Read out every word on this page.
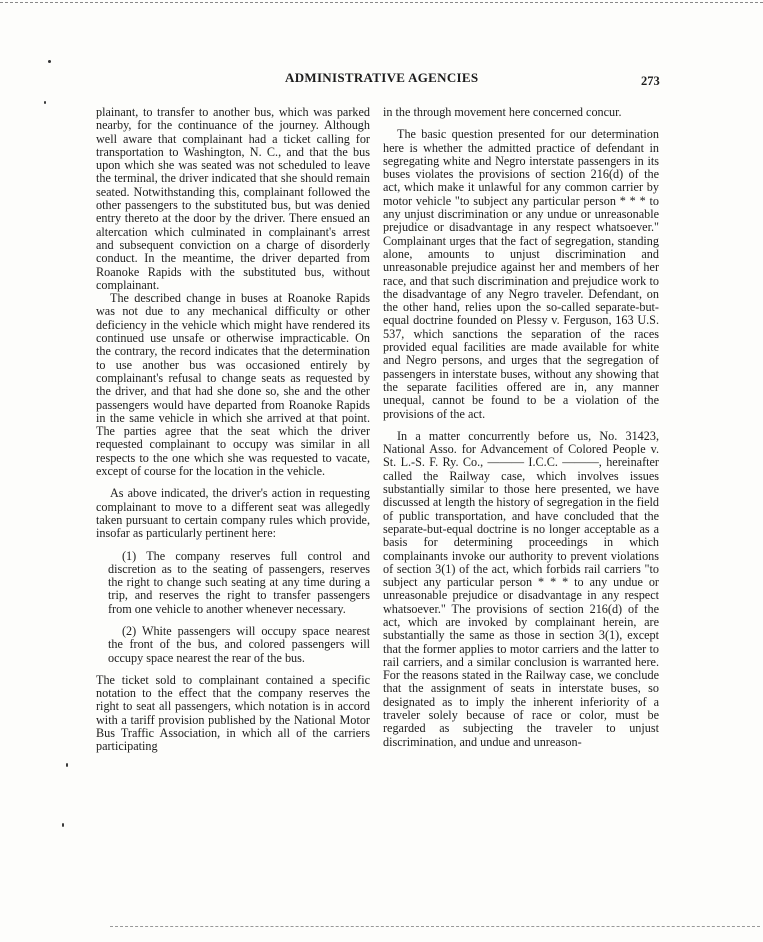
ADMINISTRATIVE AGENCIES	273

plainant, to transfer to another bus, which was parked nearby, for the continuance of the journey. Although well aware that complainant had a ticket calling for transportation to Washington, N. C., and that the bus upon which she was seated was not scheduled to leave the terminal, the driver indicated that she should remain seated. Notwithstanding this, complainant followed the other passengers to the substituted bus, but was denied entry thereto at the door by the driver. There ensued an altercation which culminated in complainant's arrest and subsequent conviction on a charge of disorderly conduct. In the meantime, the driver departed from Roanoke Rapids with the substituted bus, without complainant.

The described change in buses at Roanoke Rapids was not due to any mechanical difficulty or other deficiency in the vehicle which might have rendered its continued use unsafe or otherwise impracticable. On the contrary, the record indicates that the determination to use another bus was occasioned entirely by complainant's refusal to change seats as requested by the driver, and that had she done so, she and the other passengers would have departed from Roanoke Rapids in the same vehicle in which she arrived at that point. The parties agree that the seat which the driver requested complainant to occupy was similar in all respects to the one which she was requested to vacate, except of course for the location in the vehicle.

As above indicated, the driver's action in requesting complainant to move to a different seat was allegedly taken pursuant to certain company rules which provide, insofar as particularly pertinent here:

(1) The company reserves full control and discretion as to the seating of passengers, reserves the right to change such seating at any time during a trip, and reserves the right to transfer passengers from one vehicle to another whenever necessary.

(2) White passengers will occupy space nearest the front of the bus, and colored passengers will occupy space nearest the rear of the bus.

The ticket sold to complainant contained a specific notation to the effect that the company reserves the right to seat all passengers, which notation is in accord with a tariff provision published by the National Motor Bus Traffic Association, in which all of the carriers participating

in the through movement here concerned concur.

The basic question presented for our determination here is whether the admitted practice of defendant in segregating white and Negro interstate passengers in its buses violates the provisions of section 216(d) of the act, which make it unlawful for any common carrier by motor vehicle "to subject any particular person * * * to any unjust discrimination or any undue or unreasonable prejudice or disadvantage in any respect whatsoever." Complainant urges that the fact of segregation, standing alone, amounts to unjust discrimination and unreasonable prejudice against her and members of her race, and that such discrimination and prejudice work to the disadvantage of any Negro traveler. Defendant, on the other hand, relies upon the so-called separate-but-equal doctrine founded on Plessy v. Ferguson, 163 U.S. 537, which sanctions the separation of the races provided equal facilities are made available for white and Negro persons, and urges that the segregation of passengers in interstate buses, without any showing that the separate facilities offered are in, any manner unequal, cannot be found to be a violation of the provisions of the act.

In a matter concurrently before us, No. 31423, National Asso. for Advancement of Colored People v. St. L.-S. F. Ry. Co., ——— I.C.C. ———, hereinafter called the Railway case, which involves issues substantially similar to those here presented, we have discussed at length the history of segregation in the field of public transportation, and have concluded that the separate-but-equal doctrine is no longer acceptable as a basis for determining proceedings in which complainants invoke our authority to prevent violations of section 3(1) of the act, which forbids rail carriers "to subject any particular person * * * to any undue or unreasonable prejudice or disadvantage in any respect whatsoever." The provisions of section 216(d) of the act, which are invoked by complainant herein, are substantially the same as those in section 3(1), except that the former applies to motor carriers and the latter to rail carriers, and a similar conclusion is warranted here. For the reasons stated in the Railway case, we conclude that the assignment of seats in interstate buses, so designated as to imply the inherent inferiority of a traveler solely because of race or color, must be regarded as subjecting the traveler to unjust discrimination, and undue and unreason-
